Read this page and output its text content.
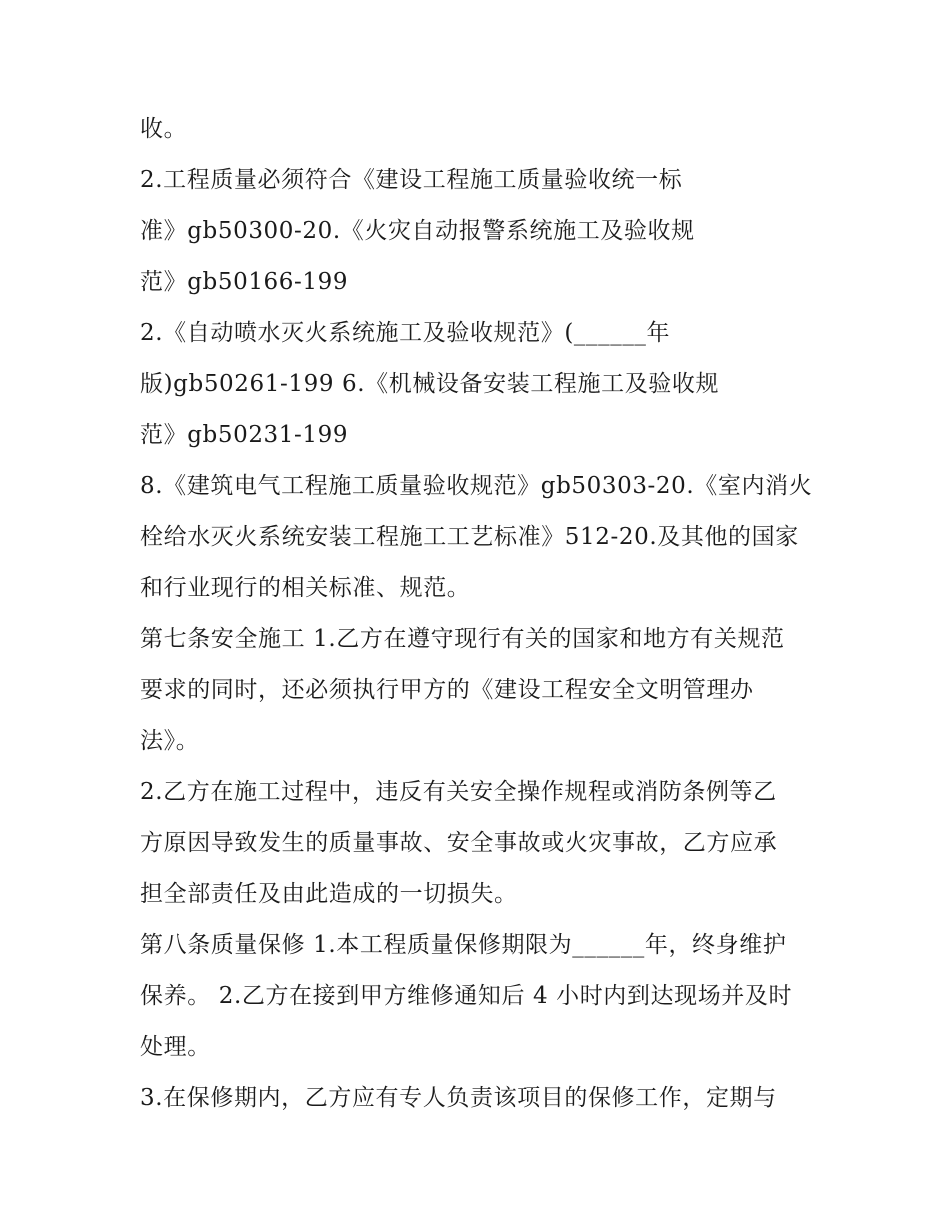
收。
2.工程质量必须符合《建设工程施工质量验收统一标
准》gb50300-20.《火灾自动报警系统施工及验收规
范》gb50166-199
2.《自动喷水灭火系统施工及验收规范》(______年
版)gb50261-199 6.《机械设备安装工程施工及验收规
范》gb50231-199
8.《建筑电气工程施工质量验收规范》gb50303-20.《室内消火
栓给水灭火系统安装工程施工工艺标准》512-20.及其他的国家
和行业现行的相关标准、规范。
第七条安全施工 1.乙方在遵守现行有关的国家和地方有关规范
要求的同时，还必须执行甲方的《建设工程安全文明管理办
法》。
2.乙方在施工过程中，违反有关安全操作规程或消防条例等乙
方原因导致发生的质量事故、安全事故或火灾事故，乙方应承
担全部责任及由此造成的一切损失。
第八条质量保修 1.本工程质量保修期限为______年，终身维护
保养。 2.乙方在接到甲方维修通知后 4 小时内到达现场并及时
处理。
3.在保修期内，乙方应有专人负责该项目的保修工作，定期与
